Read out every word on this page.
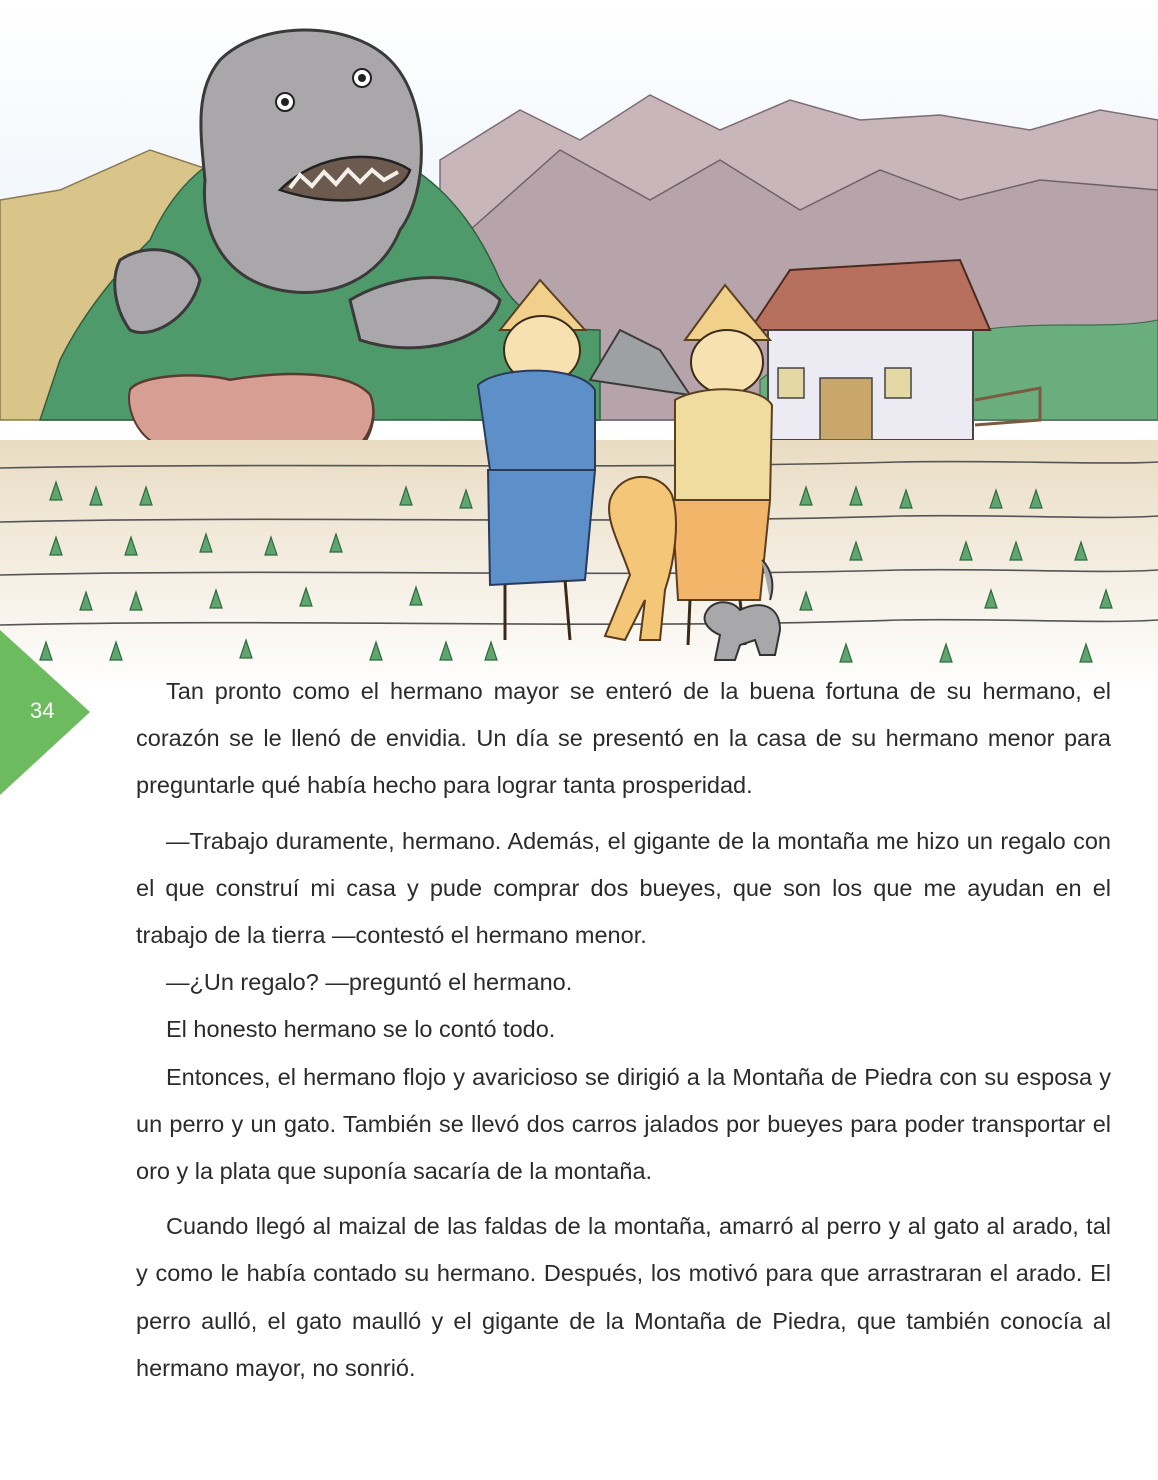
34

Tan pronto como el hermano mayor se enteró de la buena fortuna de su hermano, el corazón se le llenó de envidia. Un día se presentó en la casa de su hermano menor para preguntarle qué había hecho para lograr tanta prosperidad.

—Trabajo duramente, hermano. Además, el gigante de la montaña me hizo un regalo con el que construí mi casa y pude comprar dos bueyes, que son los que me ayudan en el trabajo de la tierra —contestó el hermano menor.

—¿Un regalo? —preguntó el hermano.

El honesto hermano se lo contó todo.

Entonces, el hermano flojo y avaricioso se dirigió a la Montaña de Piedra con su esposa y un perro y un gato. También se llevó dos carros jalados por bueyes para poder transportar el oro y la plata que suponía sacaría de la montaña.

Cuando llegó al maizal de las faldas de la montaña, amarró al perro y al gato al arado, tal y como le había contado su hermano. Después, los motivó para que arrastraran el arado. El perro aulló, el gato maulló y el gigante de la Montaña de Piedra, que también conocía al hermano mayor, no sonrió.
